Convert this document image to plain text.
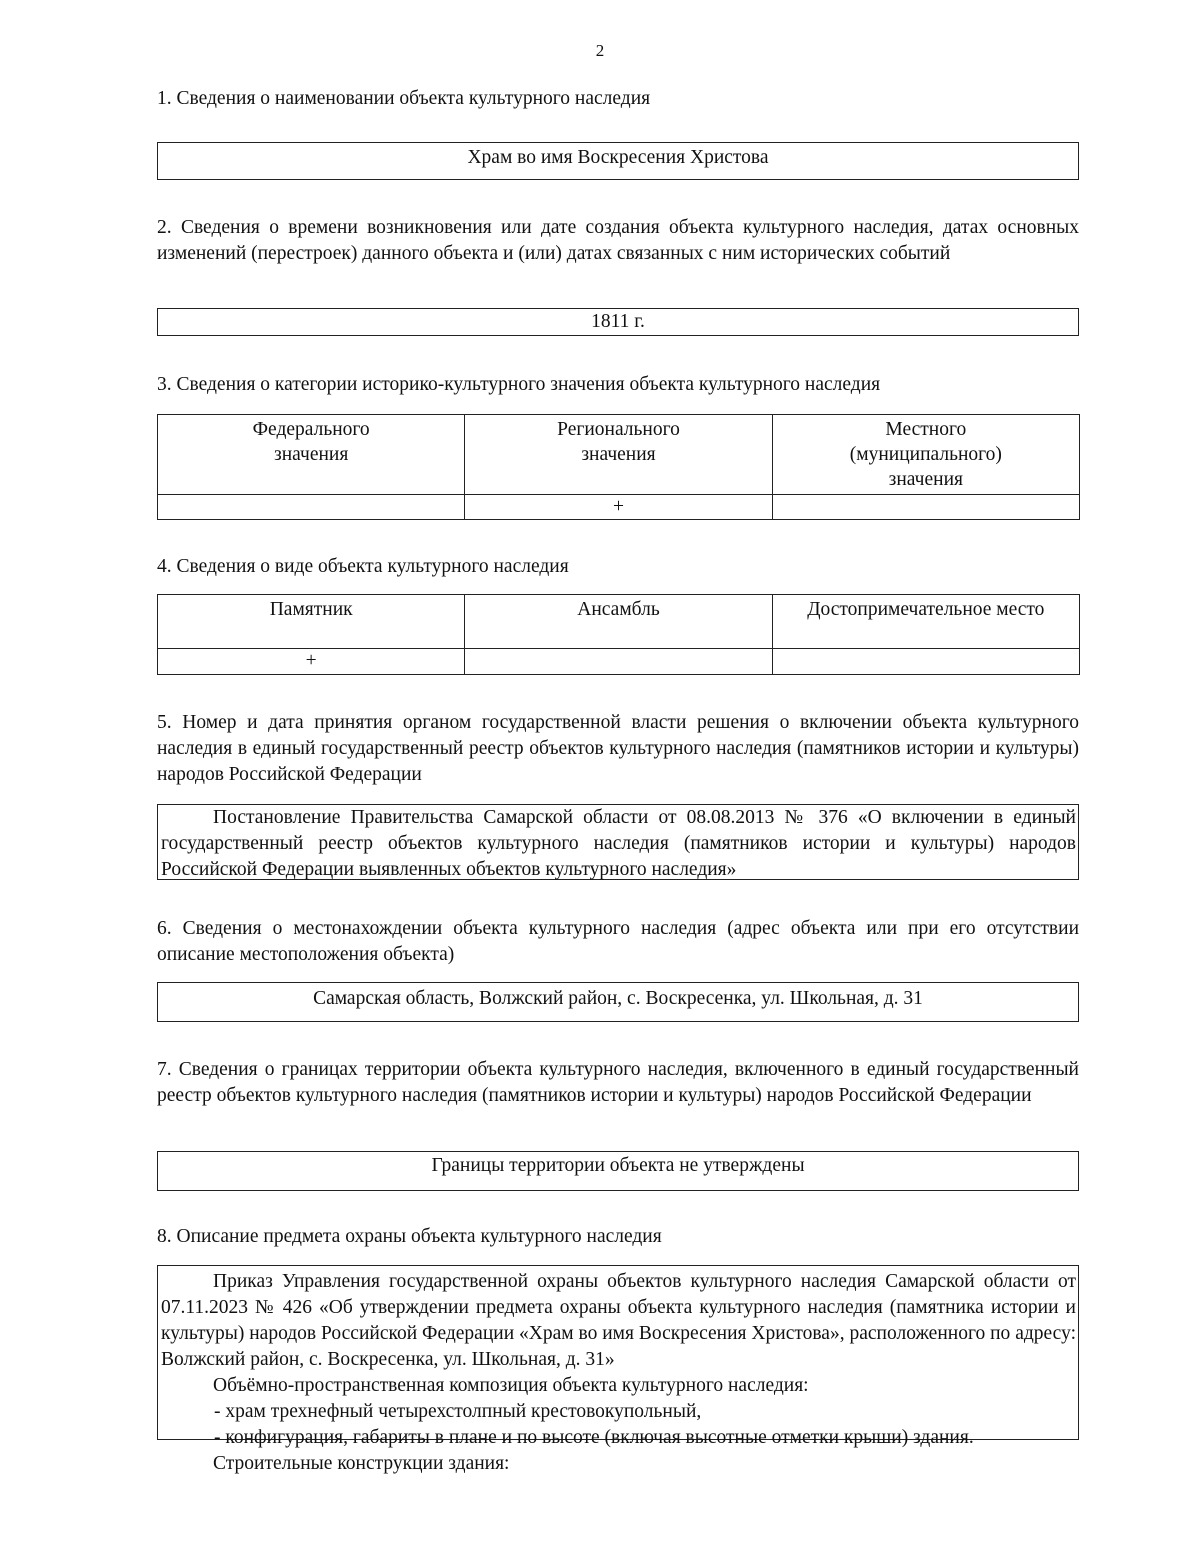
2
1. Сведения о наименовании объекта культурного наследия
Храм во имя Воскресения Христова
2. Сведения о времени возникновения или дате создания объекта культурного наследия, датах основных изменений (перестроек) данного объекта и (или) датах связанных с ним исторических событий
1811 г.
3. Сведения о категории историко-культурного значения объекта культурного наследия
Федерального значения	Регионального значения	Местного (муниципального) значения
	+	
4. Сведения о виде объекта культурного наследия
Памятник	Ансамбль	Достопримечательное место
+		
5. Номер и дата принятия органом государственной власти решения о включении объекта культурного наследия в единый государственный реестр объектов культурного наследия (памятников истории и культуры) народов Российской Федерации

Постановление Правительства Самарской области от 08.08.2013 № 376 «О включении в единый государственный реестр объектов культурного наследия (памятников истории и культуры) народов Российской Федерации выявленных объектов культурного наследия»

6. Сведения о местонахождении объекта культурного наследия (адрес объекта или при его отсутствии описание местоположения объекта)
Самарская область, Волжский район, с. Воскресенка, ул. Школьная, д. 31
7. Сведения о границах территории объекта культурного наследия, включенного в единый государственный реестр объектов культурного наследия (памятников истории и культуры) народов Российской Федерации
Границы территории объекта не утверждены
8. Описание предмета охраны объекта культурного наследия

Приказ Управления государственной охраны объектов культурного наследия Самарской области от 07.11.2023 № 426 «Об утверждении предмета охраны объекта культурного наследия (памятника истории и культуры) народов Российской Федерации «Храм во имя Воскресения Христова», расположенного по адресу: Волжский район, с. Воскресенка, ул. Школьная, д. 31»

Объёмно-пространственная композиция объекта культурного наследия:

- храм трехнефный четырехстолпный крестовокупольный,

- конфигурация, габариты в плане и по высоте (включая высотные отметки крыши) здания.

Строительные конструкции здания:
